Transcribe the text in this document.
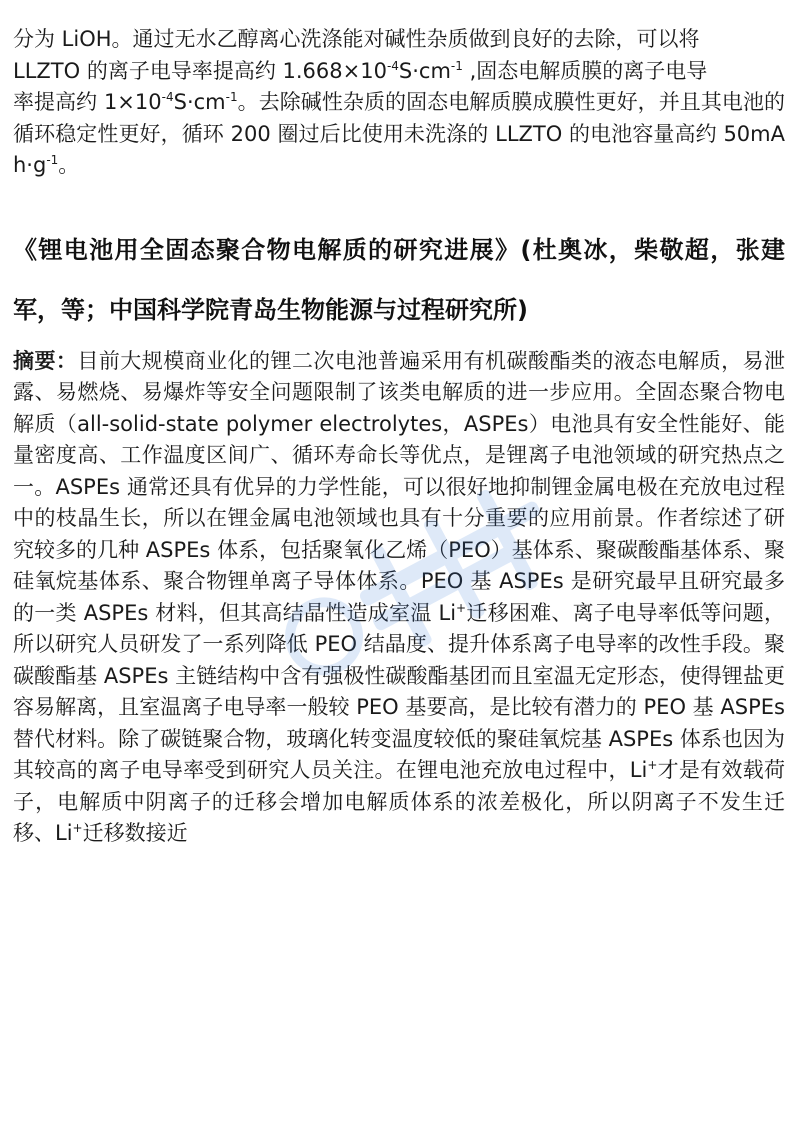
分为 LiOH。通过无水乙醇离心洗涤能对碱性杂质做到良好的去除，可以将
LLZTO 的离子电导率提高约 $1.668\times 10^{-4}S\cdot cm^{-1}$ ,固态电解质膜的离子电导
率提高约 $1\times 10^{-4}S\cdot cm^{-1}$。去除碱性杂质的固态电解质膜成膜性更好，并且其电池的循环稳定性更好，循环 200 圈过后比使用未洗涤的 LLZTO 的电池容量高约 $50mAh\cdot g^{-1}$。

《锂电池用全固态聚合物电解质的研究进展》(杜奥冰，柴敬超，张建军，等；中国科学院青岛生物能源与过程研究所)

摘要：目前大规模商业化的锂二次电池普遍采用有机碳酸酯类的液态电解质，易泄露、易燃烧、易爆炸等安全问题限制了该类电解质的进一步应用。全固态聚合物电解质（all-solid-state polymer electrolytes，ASPEs）电池具有安全性能好、能量密度高、工作温度区间广、循环寿命长等优点，是锂离子电池领域的研究热点之一。ASPEs 通常还具有优异的力学性能，可以很好地抑制锂金属电极在充放电过程中的枝晶生长，所以在锂金属电池领域也具有十分重要的应用前景。作者综述了研究较多的几种 ASPEs 体系，包括聚氧化乙烯（PEO）基体系、聚碳酸酯基体系、聚硅氧烷基体系、聚合物锂单离子导体体系。PEO 基 ASPEs 是研究最早且研究最多的一类 ASPEs 材料，但其高结晶性造成室温 Li+迁移困难、离子电导率低等问题，所以研究人员研发了一系列降低 PEO 结晶度、提升体系离子电导率的改性手段。聚碳酸酯基 ASPEs 主链结构中含有强极性碳酸酯基团而且室温无定形态，使得锂盐更容易解离，且室温离子电导率一般较 PEO 基要高，是比较有潜力的 PEO 基 ASPEs 替代材料。除了碳链聚合物，玻璃化转变温度较低的聚硅氧烷基 ASPEs 体系也因为其较高的离子电导率受到研究人员关注。在锂电池充放电过程中，Li+才是有效载荷子，电解质中阴离子的迁移会增加电解质体系的浓差极化，所以阴离子不发生迁移、Li+迁移数接近
